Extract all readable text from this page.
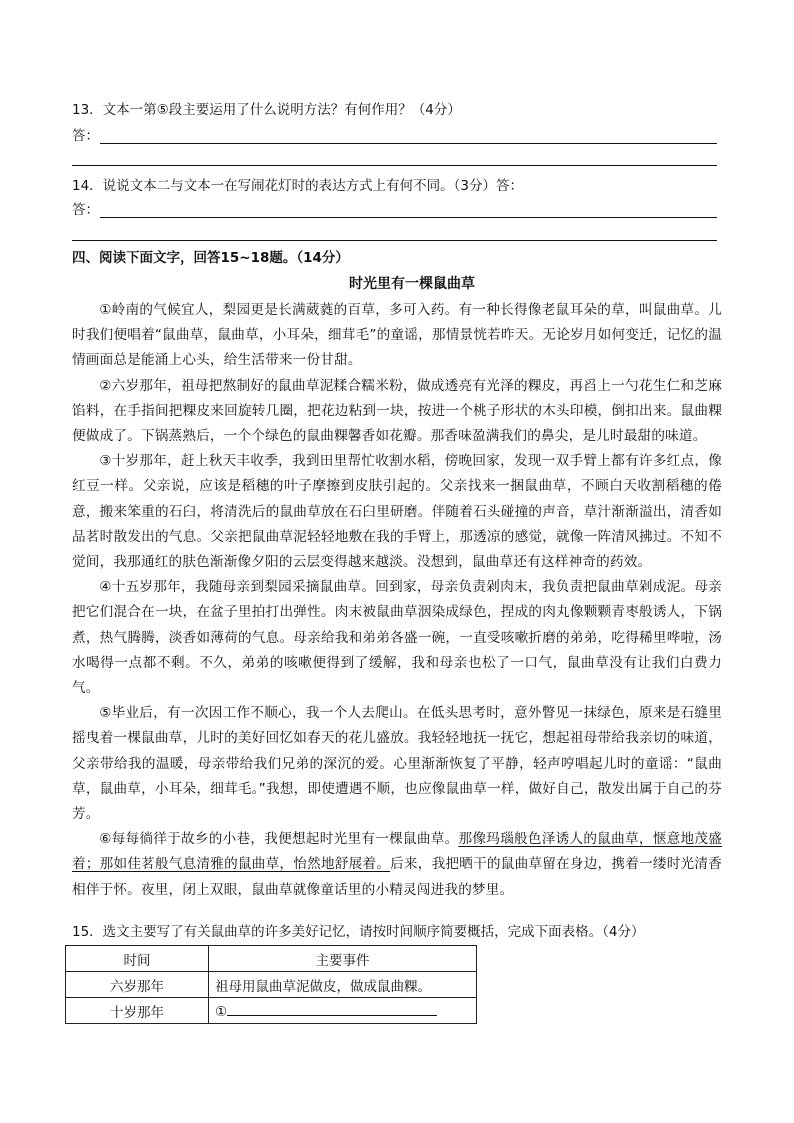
13．文本一第⑤段主要运用了什么说明方法？有何作用？（4分）
答：
14．说说文本二与文本一在写闹花灯时的表达方式上有何不同。（3分）答：
答：
四、阅读下面文字，回答15~18题。（14分）
时光里有一棵鼠曲草

①岭南的气候宜人，梨园更是长满葳蕤的百草，多可入药。有一种长得像老鼠耳朵的草，叫鼠曲草。儿时我们便唱着“鼠曲草，鼠曲草，小耳朵，细茸毛”的童谣，那情景恍若昨天。无论岁月如何变迁，记忆的温情画面总是能涌上心头，给生活带来一份甘甜。

②六岁那年，祖母把熬制好的鼠曲草泥糅合糯米粉，做成透亮有光泽的粿皮，再舀上一勺花生仁和芝麻馅料，在手指间把粿皮来回旋转几圈，把花边粘到一块，按进一个桃子形状的木头印模，倒扣出来。鼠曲粿便做成了。下锅蒸熟后，一个个绿色的鼠曲粿馨香如花瓣。那香味盈满我们的鼻尖，是儿时最甜的味道。

③十岁那年，赶上秋天丰收季，我到田里帮忙收割水稻，傍晚回家，发现一双手臂上都有许多红点，像红豆一样。父亲说，应该是稻穗的叶子摩擦到皮肤引起的。父亲找来一捆鼠曲草，不顾白天收割稻穗的倦意，搬来笨重的石臼，将清洗后的鼠曲草放在石臼里研磨。伴随着石头碰撞的声音，草汁渐渐溢出，清香如品茗时散发出的气息。父亲把鼠曲草泥轻轻地敷在我的手臂上，那透凉的感觉，就像一阵清风拂过。不知不觉间，我那通红的肤色渐渐像夕阳的云层变得越来越淡。没想到，鼠曲草还有这样神奇的药效。

④十五岁那年，我随母亲到梨园采摘鼠曲草。回到家，母亲负责剁肉末，我负责把鼠曲草剁成泥。母亲把它们混合在一块，在盆子里拍打出弹性。肉末被鼠曲草洇染成绿色，捏成的肉丸像颗颗青枣般诱人，下锅煮，热气腾腾，淡香如薄荷的气息。母亲给我和弟弟各盛一碗，一直受咳嗽折磨的弟弟，吃得稀里哗啦，汤水喝得一点都不剩。不久，弟弟的咳嗽便得到了缓解，我和母亲也松了一口气，鼠曲草没有让我们白费力气。

⑤毕业后，有一次因工作不顺心，我一个人去爬山。在低头思考时，意外瞥见一抹绿色，原来是石缝里摇曳着一棵鼠曲草，儿时的美好回忆如春天的花儿盛放。我轻轻地抚一抚它，想起祖母带给我亲切的味道，父亲带给我的温暖，母亲带给我们兄弟的深沉的爱。心里渐渐恢复了平静，轻声哼唱起儿时的童谣：“鼠曲草，鼠曲草，小耳朵，细茸毛。”我想，即使遭遇不顺，也应像鼠曲草一样，做好自己，散发出属于自己的芬芳。

⑥每每徜徉于故乡的小巷，我便想起时光里有一棵鼠曲草。那像玛瑙般色泽诱人的鼠曲草，惬意地茂盛着；那如佳茗般气息清雅的鼠曲草，怡然地舒展着。后来，我把晒干的鼠曲草留在身边，携着一缕时光清香相伴于怀。夜里，闭上双眼，鼠曲草就像童话里的小精灵闯进我的梦里。

15．选文主要写了有关鼠曲草的许多美好记忆，请按时间顺序简要概括，完成下面表格。（4分）
时间	主要事件
六岁那年	祖母用鼠曲草泥做皮，做成鼠曲粿。
十岁那年	①
